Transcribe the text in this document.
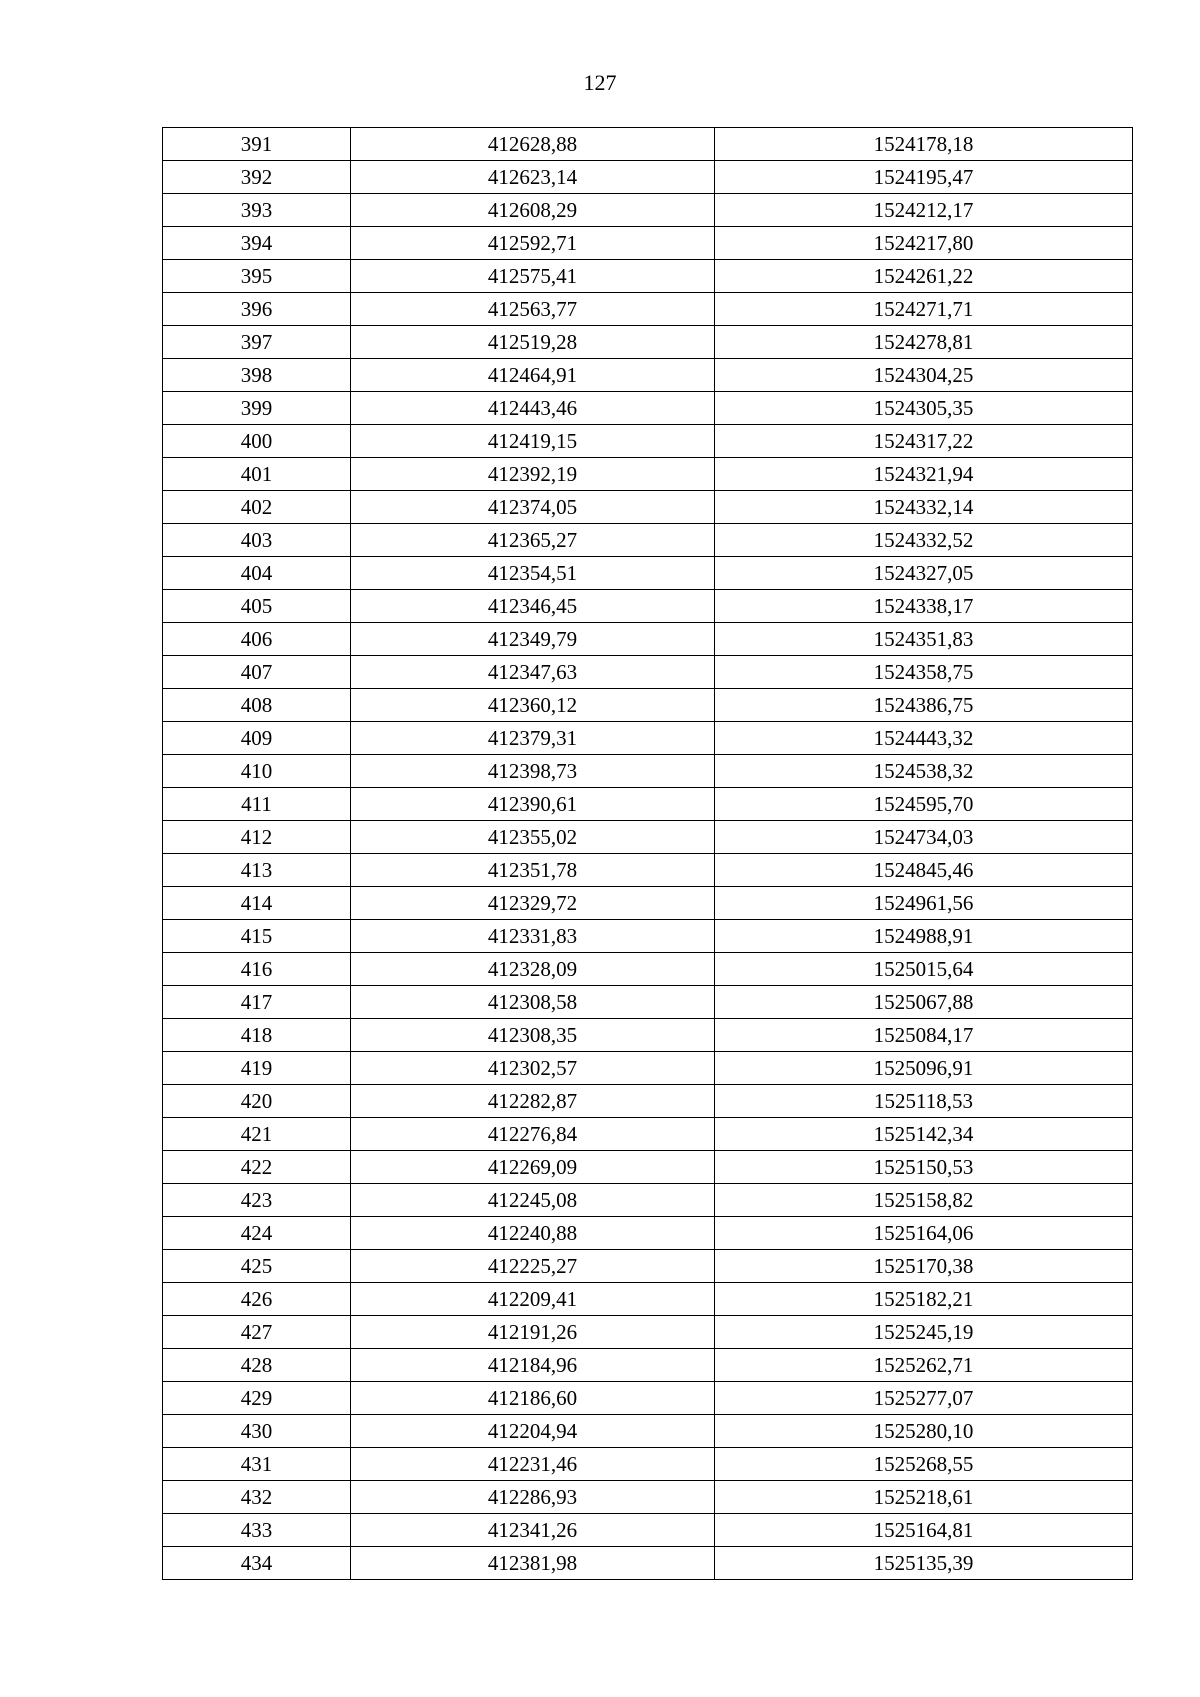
127
391	412628,88	1524178,18
392	412623,14	1524195,47
393	412608,29	1524212,17
394	412592,71	1524217,80
395	412575,41	1524261,22
396	412563,77	1524271,71
397	412519,28	1524278,81
398	412464,91	1524304,25
399	412443,46	1524305,35
400	412419,15	1524317,22
401	412392,19	1524321,94
402	412374,05	1524332,14
403	412365,27	1524332,52
404	412354,51	1524327,05
405	412346,45	1524338,17
406	412349,79	1524351,83
407	412347,63	1524358,75
408	412360,12	1524386,75
409	412379,31	1524443,32
410	412398,73	1524538,32
411	412390,61	1524595,70
412	412355,02	1524734,03
413	412351,78	1524845,46
414	412329,72	1524961,56
415	412331,83	1524988,91
416	412328,09	1525015,64
417	412308,58	1525067,88
418	412308,35	1525084,17
419	412302,57	1525096,91
420	412282,87	1525118,53
421	412276,84	1525142,34
422	412269,09	1525150,53
423	412245,08	1525158,82
424	412240,88	1525164,06
425	412225,27	1525170,38
426	412209,41	1525182,21
427	412191,26	1525245,19
428	412184,96	1525262,71
429	412186,60	1525277,07
430	412204,94	1525280,10
431	412231,46	1525268,55
432	412286,93	1525218,61
433	412341,26	1525164,81
434	412381,98	1525135,39
